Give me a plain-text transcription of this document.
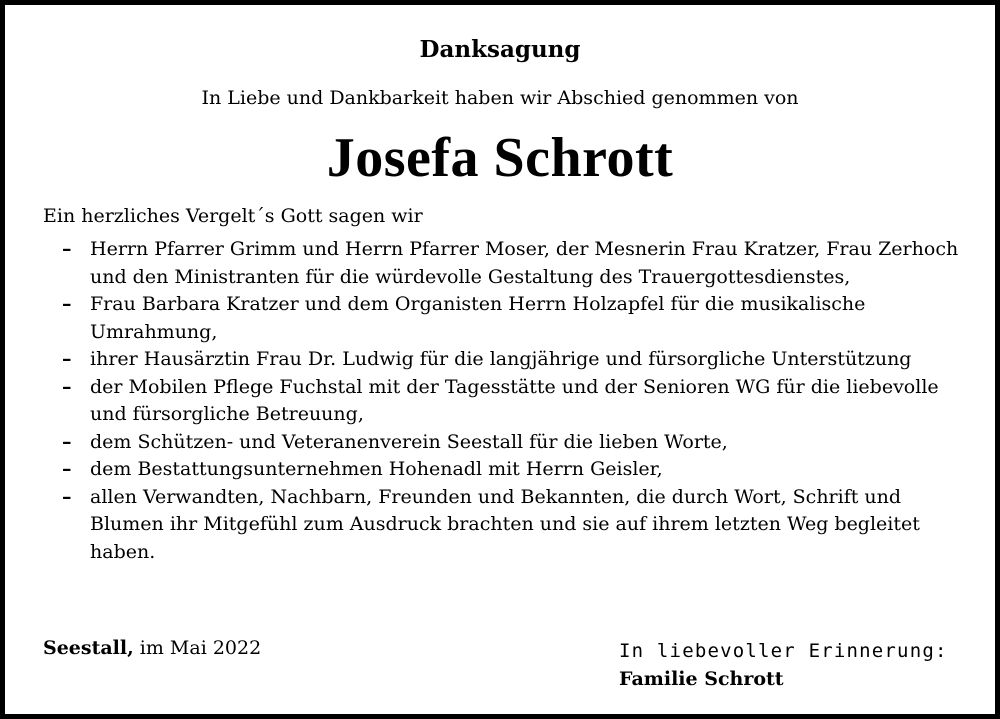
Danksagung
In Liebe und Dankbarkeit haben wir Abschied genommen von
Josefa Schrott
Ein herzliches Vergelt´s Gott sagen wir
– Herrn Pfarrer Grimm und Herrn Pfarrer Moser, der Mesnerin Frau Kratzer, Frau Zerhoch und den Ministranten für die würdevolle Gestaltung des Trauergottesdienstes,
– Frau Barbara Kratzer und dem Organisten Herrn Holzapfel für die musikalische Umrahmung,
– ihrer Hausärztin Frau Dr. Ludwig für die langjährige und fürsorgliche Unterstützung
– der Mobilen Pflege Fuchstal mit der Tagesstätte und der Senioren WG für die liebevolle und fürsorgliche Betreuung,
– dem Schützen- und Veteranenverein Seestall für die lieben Worte,
– dem Bestattungsunternehmen Hohenadl mit Herrn Geisler,
– allen Verwandten, Nachbarn, Freunden und Bekannten, die durch Wort, Schrift und Blumen ihr Mitgefühl zum Ausdruck brachten und sie auf ihrem letzten Weg begleitet haben.
Seestall, im Mai 2022	In liebevoller Erinnerung:
Familie Schrott
